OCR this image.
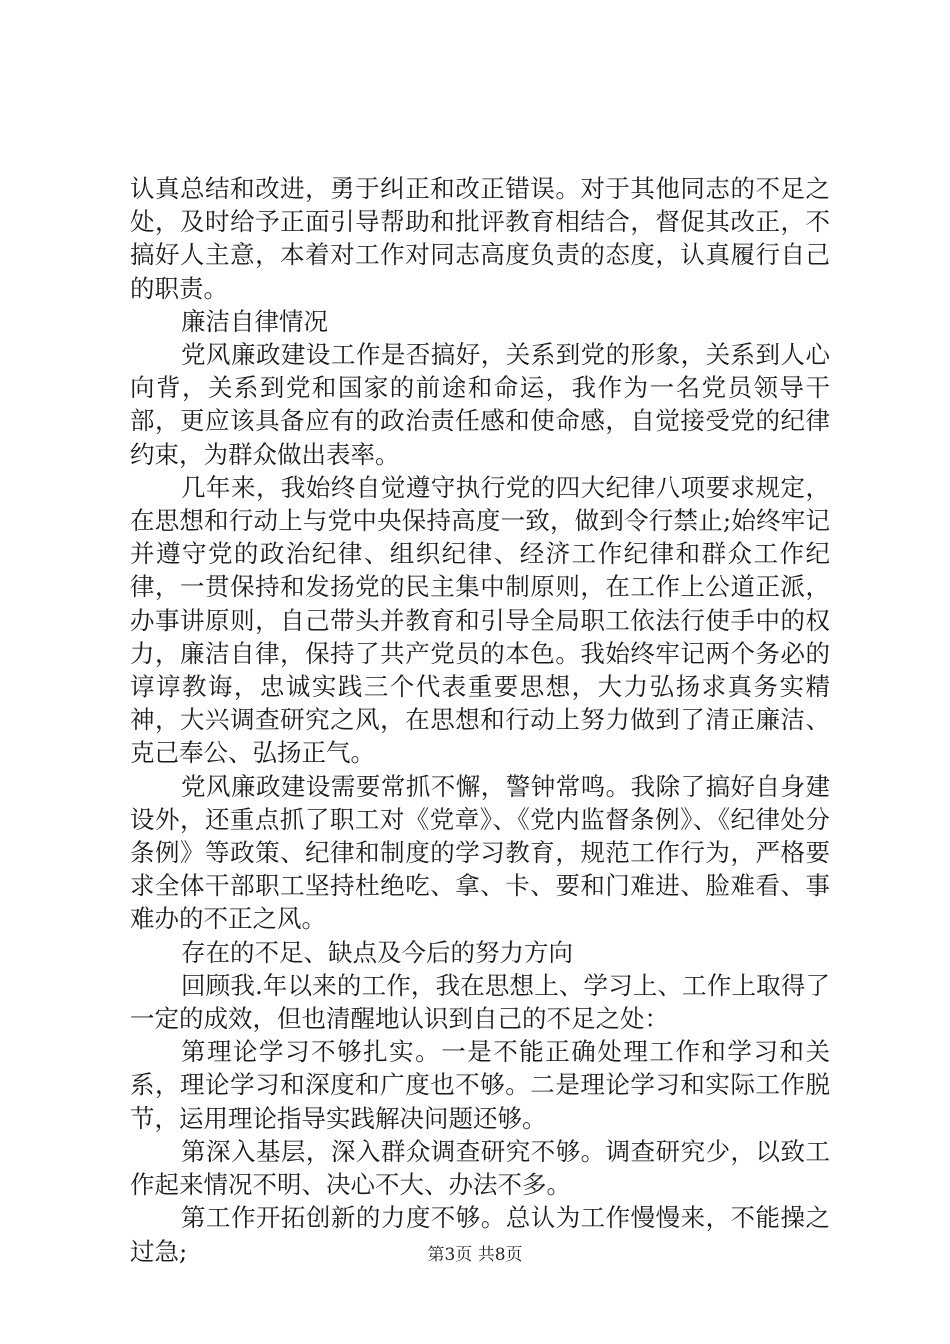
认真总结和改进，勇于纠正和改正错误。对于其他同志的不足之处，及时给予正面引导帮助和批评教育相结合，督促其改正，不搞好人主意，本着对工作对同志高度负责的态度，认真履行自己的职责。

廉洁自律情况

党风廉政建设工作是否搞好，关系到党的形象，关系到人心向背，关系到党和国家的前途和命运，我作为一名党员领导干部，更应该具备应有的政治责任感和使命感，自觉接受党的纪律约束，为群众做出表率。

几年来，我始终自觉遵守执行党的四大纪律八项要求规定，在思想和行动上与党中央保持高度一致，做到令行禁止;始终牢记并遵守党的政治纪律、组织纪律、经济工作纪律和群众工作纪律，一贯保持和发扬党的民主集中制原则，在工作上公道正派，办事讲原则，自己带头并教育和引导全局职工依法行使手中的权力，廉洁自律，保持了共产党员的本色。我始终牢记两个务必的谆谆教诲，忠诚实践三个代表重要思想，大力弘扬求真务实精神，大兴调查研究之风，在思想和行动上努力做到了清正廉洁、克己奉公、弘扬正气。

党风廉政建设需要常抓不懈，警钟常鸣。我除了搞好自身建设外，还重点抓了职工对《党章》、《党内监督条例》、《纪律处分条例》等政策、纪律和制度的学习教育，规范工作行为，严格要求全体干部职工坚持杜绝吃、拿、卡、要和门难进、脸难看、事难办的不正之风。

存在的不足、缺点及今后的努力方向

回顾我.年以来的工作，我在思想上、学习上、工作上取得了一定的成效，但也清醒地认识到自己的不足之处：

第理论学习不够扎实。一是不能正确处理工作和学习和关系，理论学习和深度和广度也不够。二是理论学习和实际工作脱节，运用理论指导实践解决问题还够。

第深入基层，深入群众调查研究不够。调查研究少，以致工作起来情况不明、决心不大、办法不多。

第工作开拓创新的力度不够。总认为工作慢慢来，不能操之过急;	第3页 共8页
